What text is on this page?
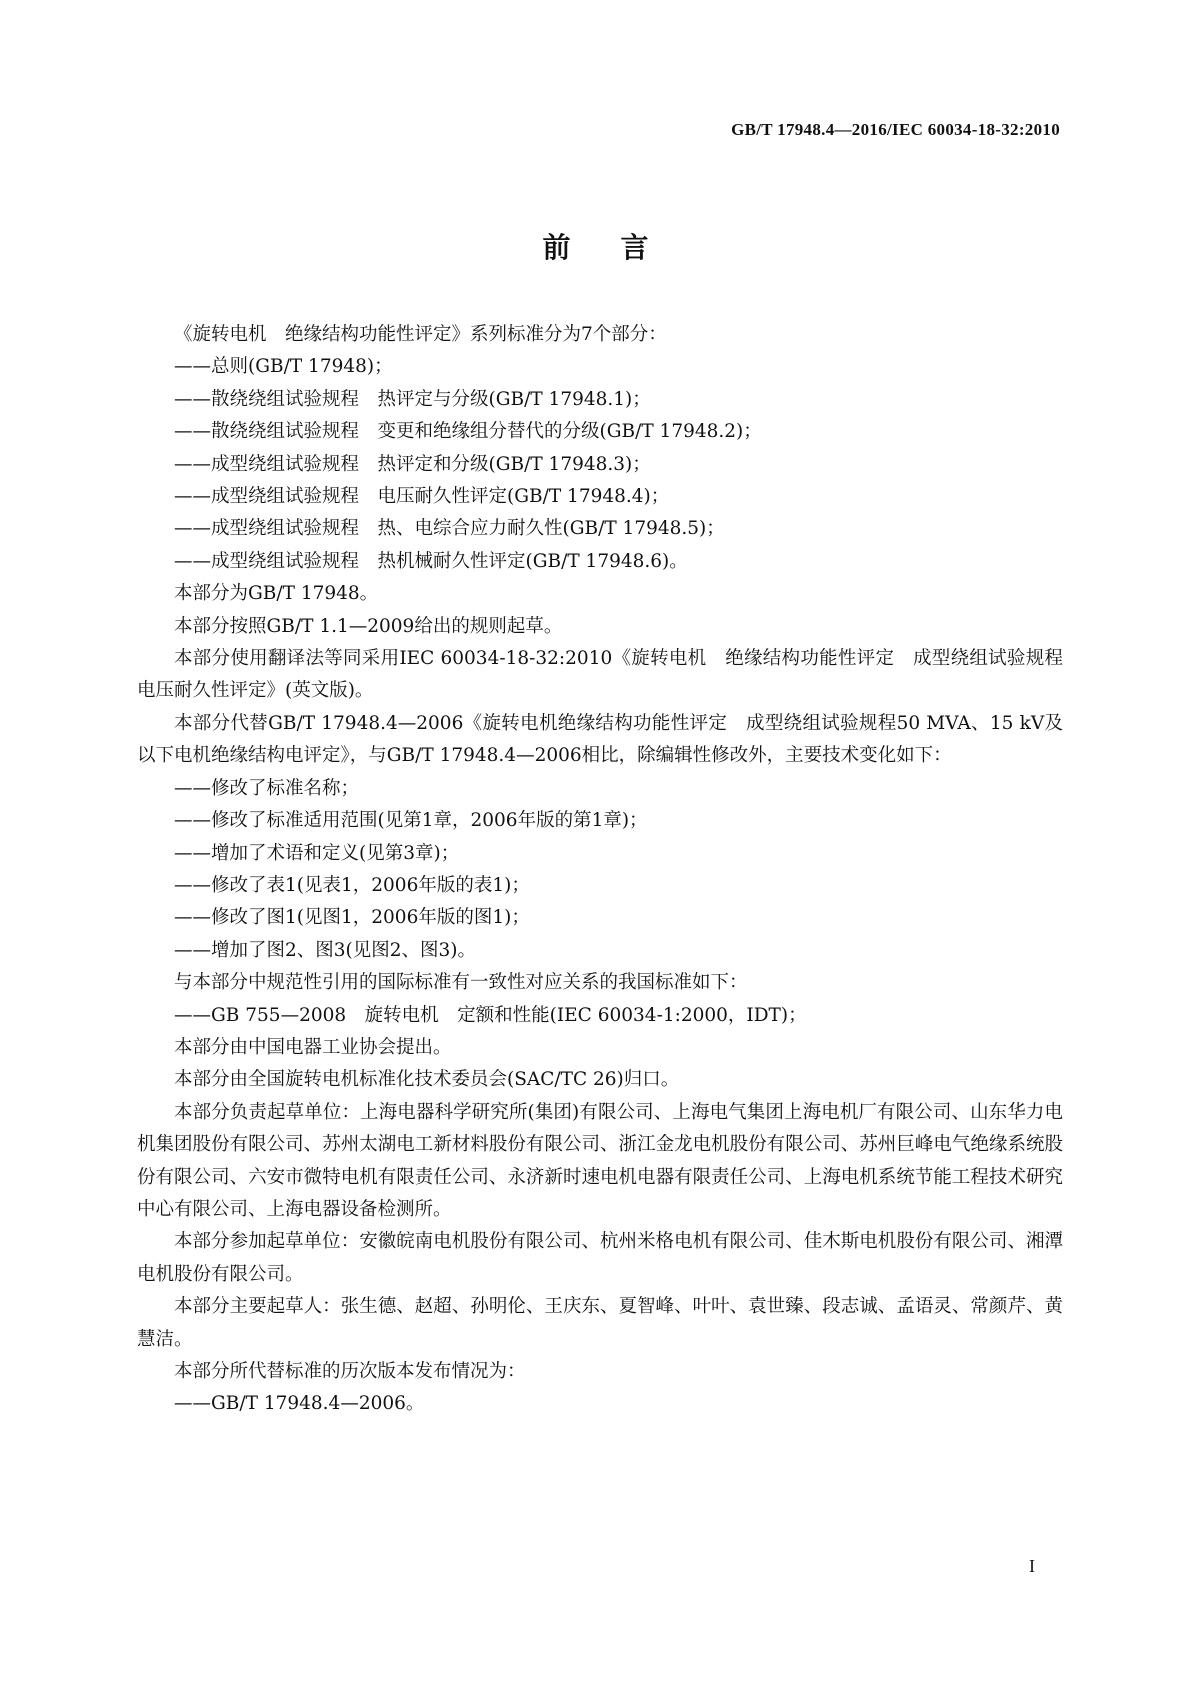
GB/T 17948.4—2016/IEC 60034-18-32:2010
前言

《旋转电机　绝缘结构功能性评定》系列标准分为7个部分：

——总则(GB/T 17948)；

——散绕绕组试验规程　热评定与分级(GB/T 17948.1)；

——散绕绕组试验规程　变更和绝缘组分替代的分级(GB/T 17948.2)；

——成型绕组试验规程　热评定和分级(GB/T 17948.3)；

——成型绕组试验规程　电压耐久性评定(GB/T 17948.4)；

——成型绕组试验规程　热、电综合应力耐久性(GB/T 17948.5)；

——成型绕组试验规程　热机械耐久性评定(GB/T 17948.6)。

本部分为GB/T 17948。

本部分按照GB/T 1.1—2009给出的规则起草。

本部分使用翻译法等同采用IEC 60034-18-32:2010《旋转电机　绝缘结构功能性评定　成型绕组试验规程　电压耐久性评定》(英文版)。

本部分代替GB/T 17948.4—2006《旋转电机绝缘结构功能性评定　成型绕组试验规程50 MVA、15 kV及以下电机绝缘结构电评定》，与GB/T 17948.4—2006相比，除编辑性修改外，主要技术变化如下：

——修改了标准名称；

——修改了标准适用范围(见第1章，2006年版的第1章)；

——增加了术语和定义(见第3章)；

——修改了表1(见表1，2006年版的表1)；

——修改了图1(见图1，2006年版的图1)；

——增加了图2、图3(见图2、图3)。

与本部分中规范性引用的国际标准有一致性对应关系的我国标准如下：

——GB 755—2008　旋转电机　定额和性能(IEC 60034-1:2000，IDT)；

本部分由中国电器工业协会提出。

本部分由全国旋转电机标准化技术委员会(SAC/TC 26)归口。

本部分负责起草单位：上海电器科学研究所(集团)有限公司、上海电气集团上海电机厂有限公司、山东华力电机集团股份有限公司、苏州太湖电工新材料股份有限公司、浙江金龙电机股份有限公司、苏州巨峰电气绝缘系统股份有限公司、六安市微特电机有限责任公司、永济新时速电机电器有限责任公司、上海电机系统节能工程技术研究中心有限公司、上海电器设备检测所。

本部分参加起草单位：安徽皖南电机股份有限公司、杭州米格电机有限公司、佳木斯电机股份有限公司、湘潭电机股份有限公司。

本部分主要起草人：张生德、赵超、孙明伦、王庆东、夏智峰、叶叶、袁世臻、段志诚、孟语灵、常颜芹、黄慧洁。

本部分所代替标准的历次版本发布情况为：

——GB/T 17948.4—2006。

I
